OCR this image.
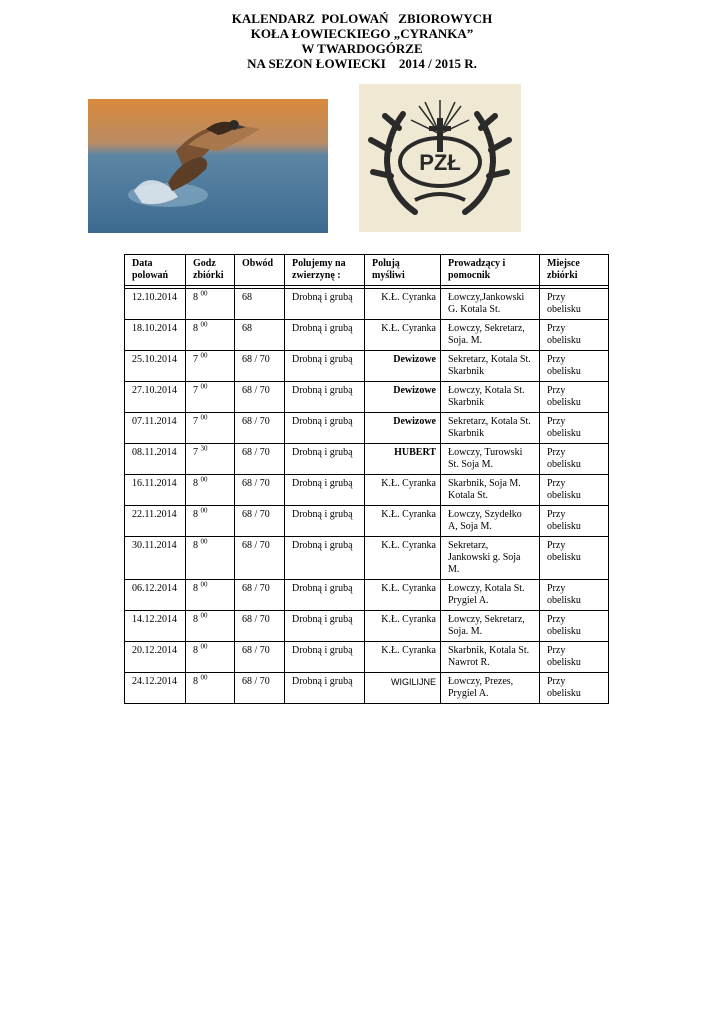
KALENDARZ  POLOWAŃ   ZBIOROWYCH
KOŁA ŁOWIECKIEGO „CYRANKA”
W TWARDOGÓRZE
NA SEZON ŁOWIECKI    2014 / 2015 R.
PZŁ
Data polowań	Godz zbiórki	Obwód	Polujemy na zwierzynę :	Polują myśliwi	Prowadzący i pomocnik	Miejsce zbiórki

12.10.2014	8 $^{00}$	68	Drobną i grubą	K.Ł. Cyranka	Łowczy,Jankowski G. Kotala St.	Przy obelisku
18.10.2014	8 $^{00}$	68	Drobną i grubą	K.Ł. Cyranka	Łowczy, Sekretarz, Soja. M.	Przy obelisku
25.10.2014	7 $^{00}$	68 / 70	Drobną i grubą	Dewizowe	Sekretarz, Kotala St. Skarbnik	Przy obelisku
27.10.2014	7 $^{00}$	68 / 70	Drobną i grubą	Dewizowe	Łowczy, Kotala St. Skarbnik	Przy obelisku
07.11.2014	7 $^{00}$	68 / 70	Drobną i grubą	Dewizowe	Sekretarz, Kotala St. Skarbnik	Przy obelisku
08.11.2014	7 $^{30}$	68 / 70	Drobną i grubą	HUBERT	Łowczy, Turowski St. Soja M.	Przy obelisku
16.11.2014	8 $^{00}$	68 / 70	Drobną i grubą	K.Ł. Cyranka	Skarbnik, Soja M. Kotala St.	Przy obelisku
22.11.2014	8 $^{00}$	68 / 70	Drobną i grubą	K.Ł. Cyranka	Łowczy, Szydełko A, Soja M.	Przy obelisku
30.11.2014	8 $^{00}$	68 / 70	Drobną i grubą	K.Ł. Cyranka	Sekretarz, Jankowski g. Soja M.	Przy obelisku
06.12.2014	8 $^{00}$	68 / 70	Drobną i grubą	K.Ł. Cyranka	Łowczy, Kotala St. Prygiel A.	Przy obelisku
14.12.2014	8 $^{00}$	68 / 70	Drobną i grubą	K.Ł. Cyranka	Łowczy, Sekretarz, Soja. M.	Przy obelisku
20.12.2014	8 $^{00}$	68 / 70	Drobną i grubą	K.Ł. Cyranka	Skarbnik, Kotala St. Nawrot R.	Przy obelisku
24.12.2014	8 $^{00}$	68 / 70	Drobną i grubą	WIGILIJNE	Łowczy, Prezes, Prygiel A.	Przy obelisku
